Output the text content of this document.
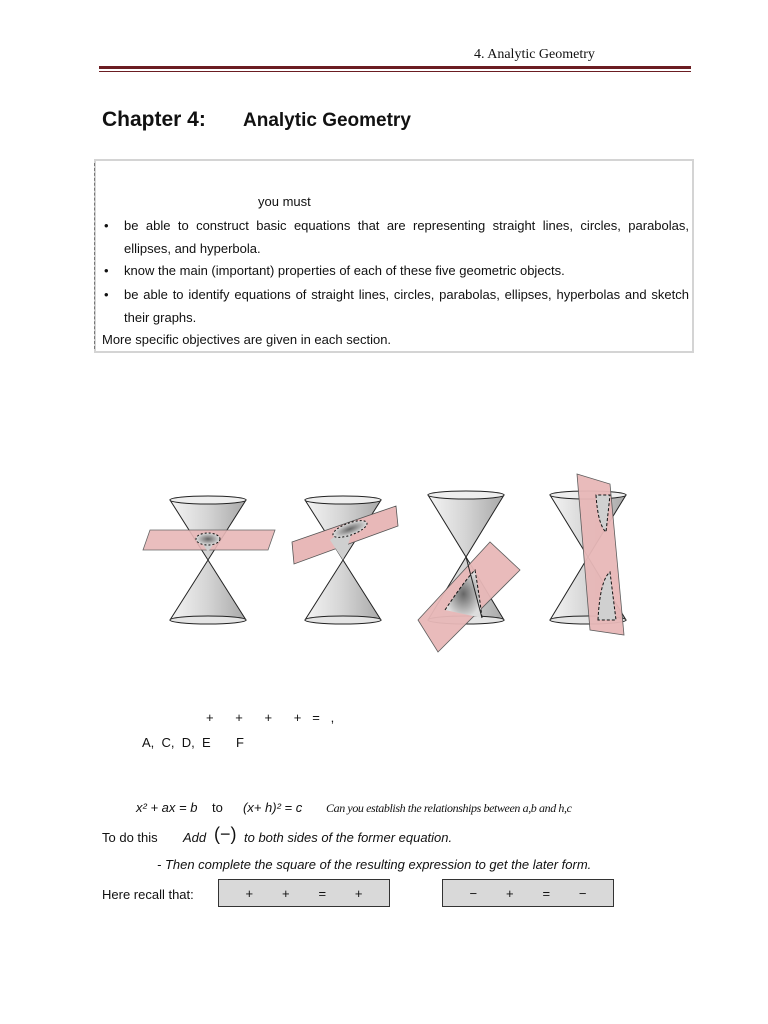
4. Analytic Geometry
Chapter 4: Analytic Geometry
you must
• be able to construct basic equations that are representing straight lines, circles, parabolas, ellipses, and hyperbola.
• know the main (important) properties of each of these five geometric objects.
• be able to identify equations of straight lines, circles, parabolas, ellipses, hyperbolas and sketch their graphs.
More specific objectives are given in each section.
+      +      +      +   =   ,
A,  C,  D,  E F
x² + ax = b to (x+ h)² = c Can you establish the relationships between a,b and h,c
To do this Add (−) to both sides of the former equation.
- Then complete the square of the resulting expression to get the later form.
Here recall that:	+        +        =        +	−        +        =        −
